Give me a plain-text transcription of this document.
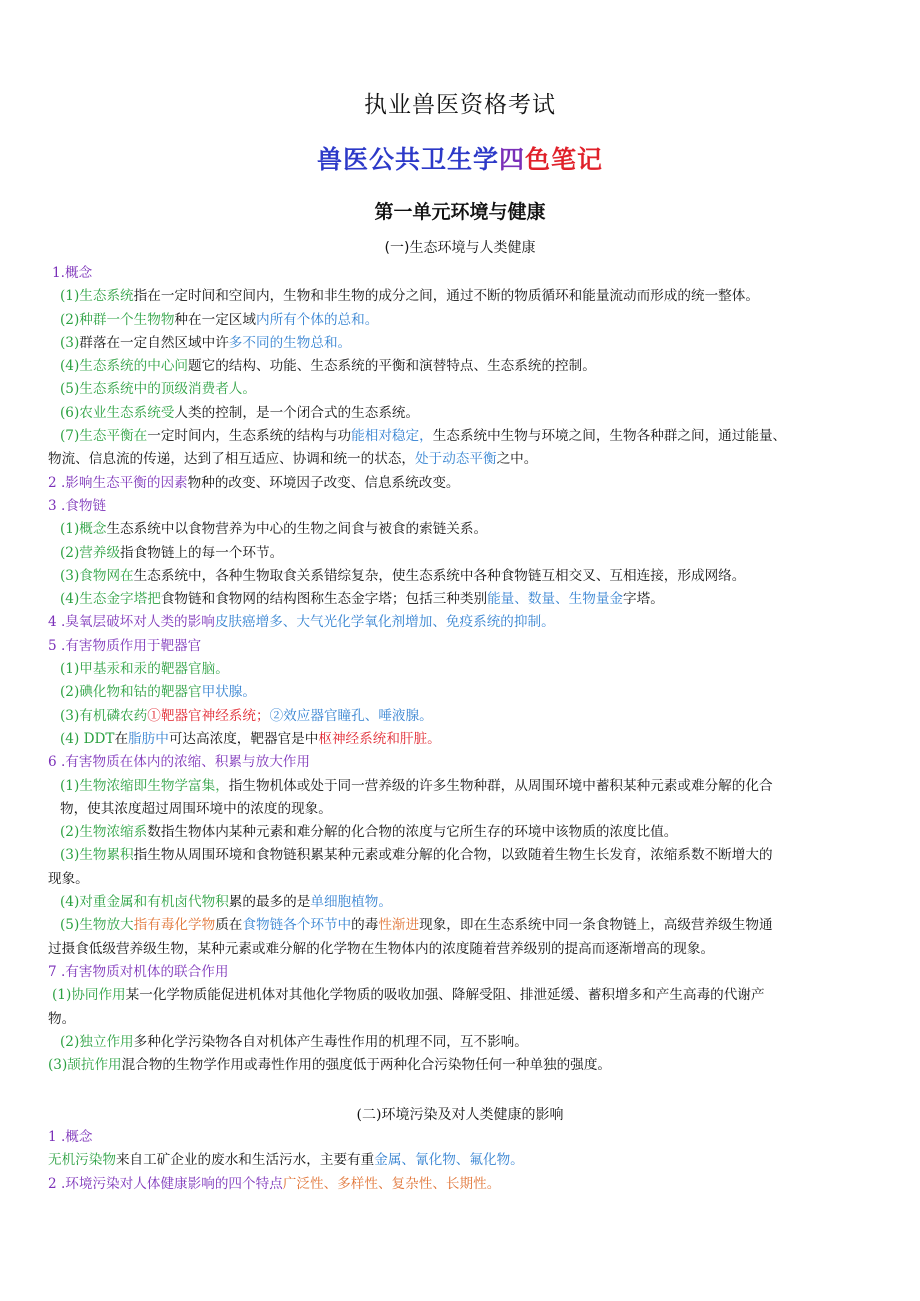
执业兽医资格考试
兽医公共卫生学四色笔记
第一单元环境与健康
(一)生态环境与人类健康
1.概念
(1)生态系统指在一定时间和空间内，生物和非生物的成分之间，通过不断的物质循环和能量流动而形成的统一整体。
(2)种群一个生物物种在一定区域内所有个体的总和。
(3)群落在一定自然区域中许多不同的生物总和。
(4)生态系统的中心问题它的结构、功能、生态系统的平衡和演替特点、生态系统的控制。
(5)生态系统中的顶级消费者人。
(6)农业生态系统受人类的控制，是一个闭合式的生态系统。
(7)生态平衡在一定时间内，生态系统的结构与功能相对稳定，生态系统中生物与环境之间，生物各种群之间，通过能量、
物流、信息流的传递，达到了相互适应、协调和统一的状态，处于动态平衡之中。
2 .影响生态平衡的因素物种的改变、环境因子改变、信息系统改变。
3 .食物链
(1)概念生态系统中以食物营养为中心的生物之间食与被食的索链关系。
(2)营养级指食物链上的每一个环节。
(3)食物网在生态系统中，各种生物取食关系错综复杂，使生态系统中各种食物链互相交叉、互相连接，形成网络。
(4)生态金字塔把食物链和食物网的结构图称生态金字塔；包括三种类别能量、数量、生物量金字塔。
4 .臭氧层破坏对人类的影响皮肤癌增多、大气光化学氧化剂增加、免疫系统的抑制。
5 .有害物质作用于靶器官
(1)甲基汞和汞的靶器官脑。
(2)碘化物和钴的靶器官甲状腺。
(3)有机磷农药①靶器官神经系统；②效应器官瞳孔、唾液腺。
(4) DDT在脂肪中可达高浓度，靶器官是中枢神经系统和肝脏。
6 .有害物质在体内的浓缩、积累与放大作用
(1)生物浓缩即生物学富集，指生物机体或处于同一营养级的许多生物种群，从周围环境中蓄积某种元素或难分解的化合
物，使其浓度超过周围环境中的浓度的现象。
(2)生物浓缩系数指生物体内某种元素和难分解的化合物的浓度与它所生存的环境中该物质的浓度比值。
(3)生物累积指生物从周围环境和食物链积累某种元素或难分解的化合物，以致随着生物生长发育，浓缩系数不断增大的
现象。
(4)对重金属和有机卤代物积累的最多的是单细胞植物。
(5)生物放大指有毒化学物质在食物链各个环节中的毒性渐进现象，即在生态系统中同一条食物链上，高级营养级生物通
过摄食低级营养级生物，某种元素或难分解的化学物在生物体内的浓度随着营养级别的提高而逐渐增高的现象。
7 .有害物质对机体的联合作用
(1)协同作用某一化学物质能促进机体对其他化学物质的吸收加强、降解受阻、排泄延缓、蓄积增多和产生高毒的代谢产
物。
(2)独立作用多种化学污染物各自对机体产生毒性作用的机理不同，互不影响。
(3)颉抗作用混合物的生物学作用或毒性作用的强度低于两种化合污染物任何一种单独的强度。
(二)环境污染及对人类健康的影响
1 .概念
无机污染物来自工矿企业的废水和生活污水，主要有重金属、氰化物、氟化物。
2 .环境污染对人体健康影响的四个特点广泛性、多样性、复杂性、长期性。
